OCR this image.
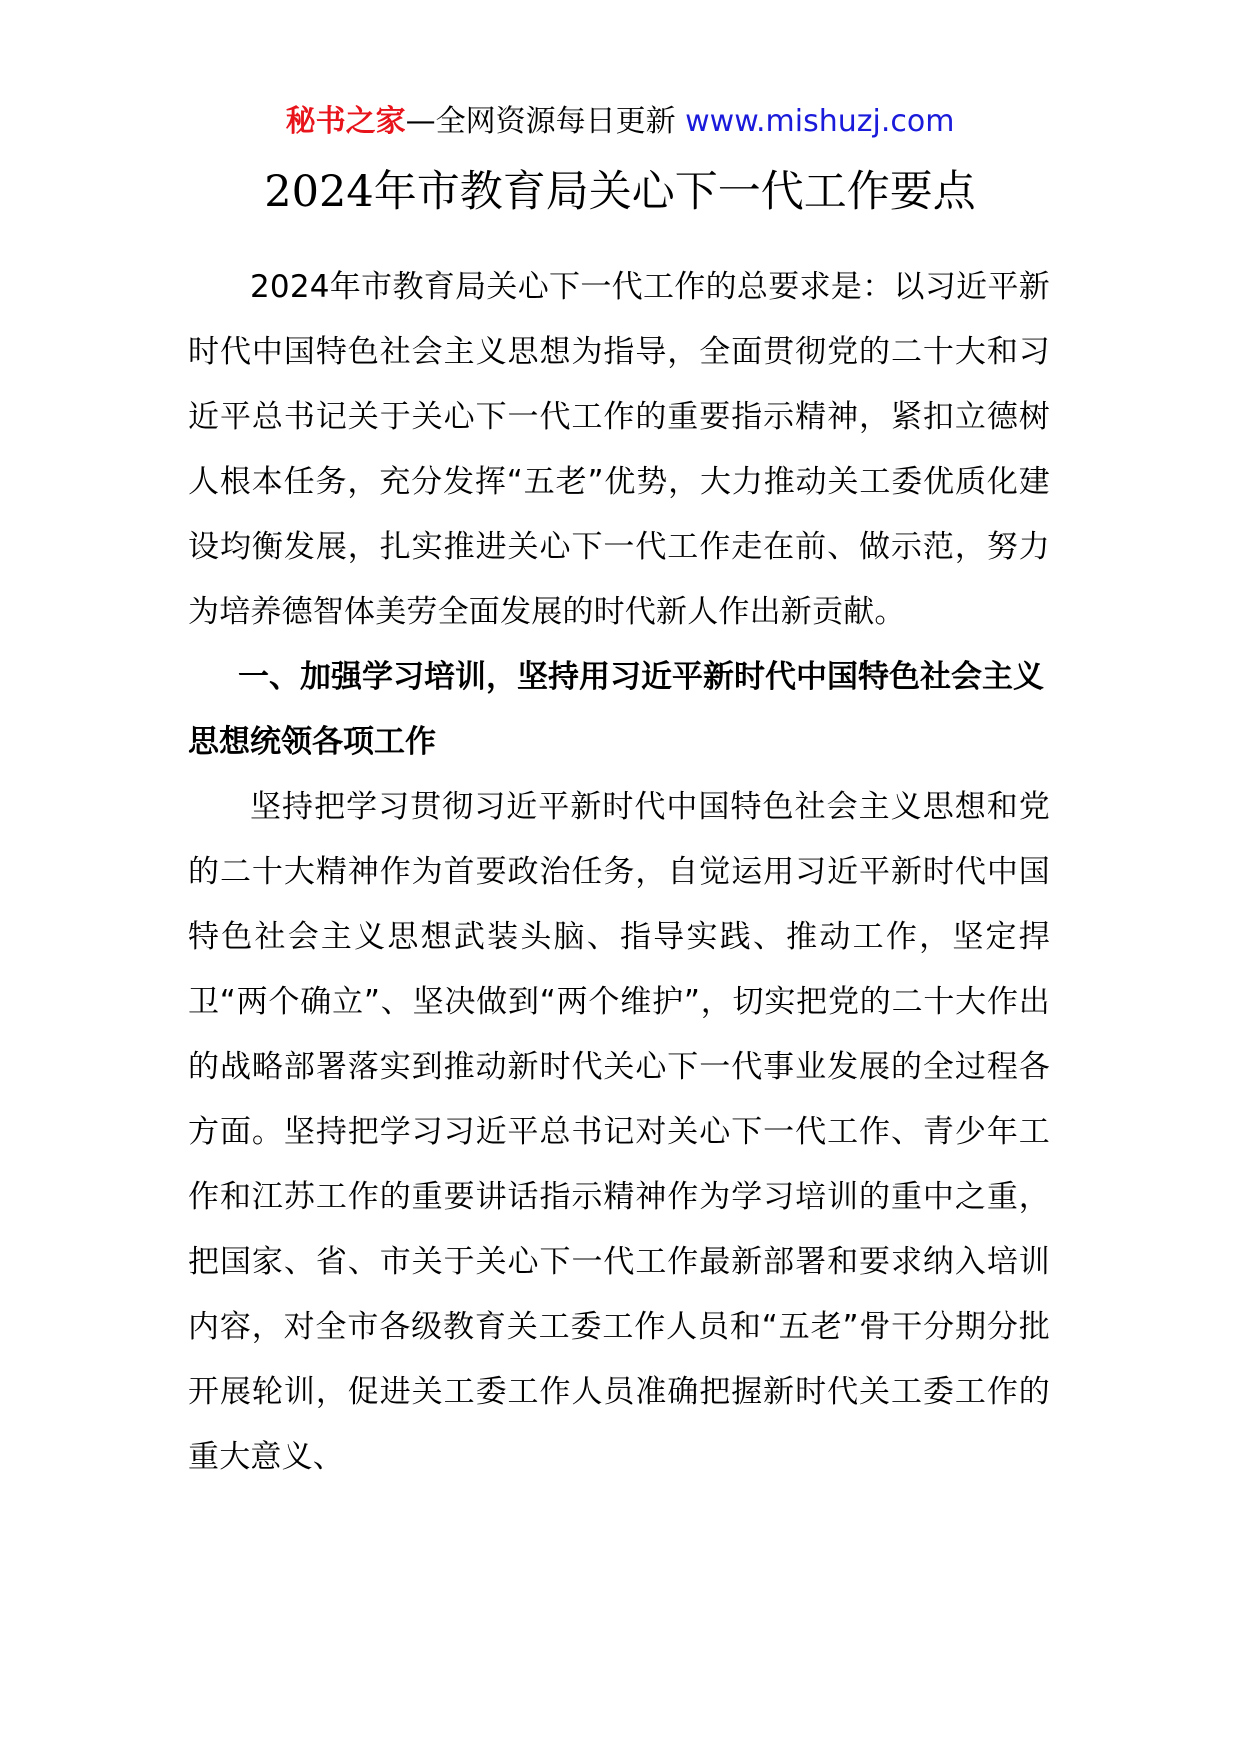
秘书之家—全网资源每日更新 www.mishuzj.com
2024年市教育局关心下一代工作要点

2024年市教育局关心下一代工作的总要求是：以习近平新时代中国特色社会主义思想为指导，全面贯彻党的二十大和习近平总书记关于关心下一代工作的重要指示精神，紧扣立德树人根本任务，充分发挥“五老”优势，大力推动关工委优质化建设均衡发展，扎实推进关心下一代工作走在前、做示范，努力为培养德智体美劳全面发展的时代新人作出新贡献。

一、加强学习培训，坚持用习近平新时代中国特色社会主义思想统领各项工作

坚持把学习贯彻习近平新时代中国特色社会主义思想和党的二十大精神作为首要政治任务，自觉运用习近平新时代中国特色社会主义思想武装头脑、指导实践、推动工作，坚定捍卫“两个确立”、坚决做到“两个维护”，切实把党的二十大作出的战略部署落实到推动新时代关心下一代事业发展的全过程各方面。坚持把学习习近平总书记对关心下一代工作、青少年工作和江苏工作的重要讲话指示精神作为学习培训的重中之重，把国家、省、市关于关心下一代工作最新部署和要求纳入培训内容，对全市各级教育关工委工作人员和“五老”骨干分期分批开展轮训，促进关工委工作人员准确把握新时代关工委工作的重大意义、
